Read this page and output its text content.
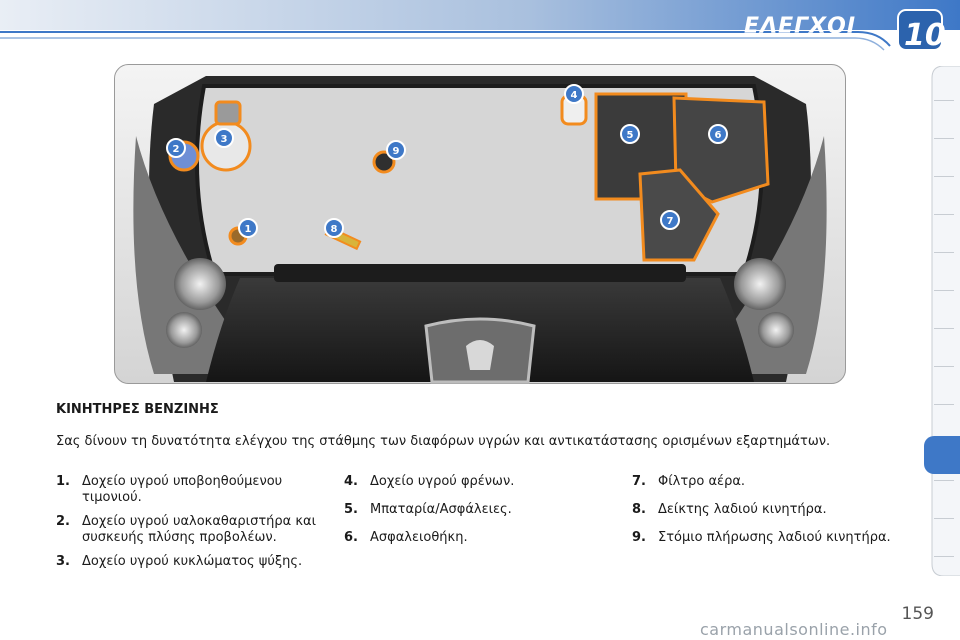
ΕΛΕΓΧΟΙ 10
1
2
3
4
5	6
7
8
9
ΚΙΝΗΤΗΡΕΣ ΒΕΝΖΙΝΗΣ
Σας δίνουν τη δυνατότητα ελέγχου της στάθμης των διαφόρων υγρών και αντικατάστασης ορισμένων εξαρτημάτων.
1. Δοχείο υγρού υποβοηθούμενου τιμονιού.
2. Δοχείο υγρού υαλοκαθαριστήρα και συσκευής πλύσης προβολέων.
3. Δοχείο υγρού κυκλώματος ψύξης.
4. Δοχείο υγρού φρένων.
5. Μπαταρία/Ασφάλειες.
6. Ασφαλειοθήκη.
7. Φίλτρο αέρα.
8. Δείκτης λαδιού κινητήρα.
9. Στόμιο πλήρωσης λαδιού κινητήρα.
159
carmanualsonline.info
